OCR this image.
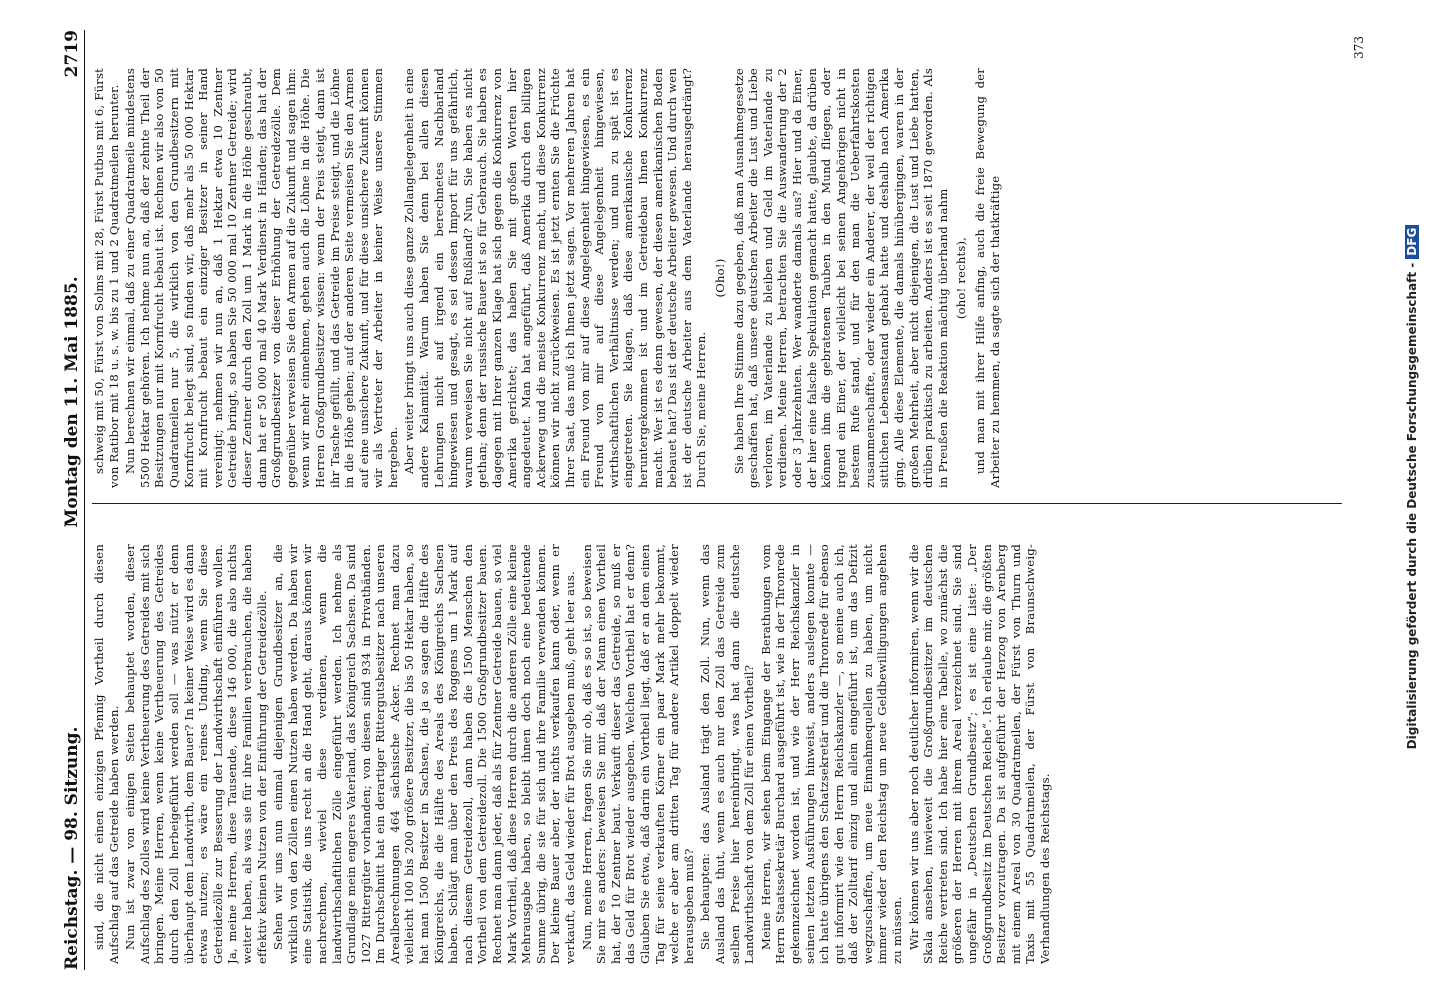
Reichstag. — 98. Sitzung.
Montag den 11. Mai 1885.
2719

sind, die nicht einen einzigen Pfennig Vortheil durch diesen Aufschlag auf das Getreide haben werden. Nun ist zwar von einigen Seiten behauptet worden, dieser Aufschlag des Zolles wird keine Vertheuerung des Getreides mit sich bringen. Meine Herren, wenn keine Vertheuerung des Getreides durch den Zoll herbeigeführt werden soll — was nützt er denn überhaupt dem Landwirth, dem Bauer? In keiner Weise wird es dann etwas nutzen; es wäre ein reines Unding, wenn Sie diese Getreidezölle zur Besserung der Landwirthschaft einführen wollen. Ja, meine Herren, diese Tausende, diese 146 000, die also nichts weiter haben, als was sie für ihre Familien verbrauchen, die haben effektiv keinen Nutzen von der Einführung der Getreidezölle. Sehen wir uns nun einmal diejenigen Grundbesitzer an, die wirklich von den Zöllen einen Nutzen haben werden. Da haben wir eine Statistik, die uns recht an die Hand geht, daraus können wir nachrechnen, wieviel diese verdienen, wenn die landwirthschaftlichen Zölle eingeführt werden. Ich nehme als Grundlage mein engeres Vaterland, das Königreich Sachsen. Da sind 1027 Rittergüter vorhanden; von diesen sind 934 in Privathänden. Im Durchschnitt hat ein derartiger Rittergutsbesitzer nach unseren Arealberechnungen 464 sächsische Acker. Rechnet man dazu vielleicht 100 bis 200 größere Besitzer, die bis 50 Hektar haben, so hat man 1500 Besitzer in Sachsen, die ja so sagen die Hälfte des Königreichs, die die Hälfte des Areals des Königreichs Sachsen haben. Schlägt man über den Preis des Roggens um 1 Mark auf nach diesem Getreidezoll, dann haben die 1500 Menschen den Vortheil von dem Getreidezoll. Die 1500 Großgrundbesitzer bauen. Rechnet man dann jeder, daß als für Zentner Getreide bauen, so viel Mark Vortheil, daß diese Herren durch die anderen Zölle eine kleine Mehrausgabe haben, so bleibt ihnen doch noch eine bedeutende Summe übrig, die sie für sich und ihre Familie verwenden können. Der kleine Bauer aber, der nichts verkaufen kann oder, wenn er verkauft, das Geld wieder für Brot ausgeben muß, geht leer aus. Nun, meine Herren, fragen Sie mir ob, daß es so ist, so beweisen Sie mir es anders: beweisen Sie mir, daß der Mann einen Vortheil hat, der 10 Zentner baut. Verkauft dieser das Getreide, so muß er das Geld für Brot wieder ausgeben. Welchen Vortheil hat er denn? Glauben Sie etwa, daß darin ein Vortheil liegt, daß er an dem einen Tag für seine verkauften Körner ein paar Mark mehr bekommt, welche er aber am dritten Tag für andere Artikel doppelt wieder herausgeben muß? Sie behaupten: das Ausland trägt den Zoll. Nun, wenn das Ausland das thut, wenn es auch nur den Zoll das Getreide zum selben Preise hier hereinbringt, was hat dann die deutsche Landwirthschaft von dem Zoll für einen Vortheil? Meine Herren, wir sehen beim Eingange der Berathungen vom Herrn Staatssekretär Burchard ausgeführt ist, wie in der Thronrede gekennzeichnet worden ist, und wie der Herr Reichskanzler in seinen letzten Ausführungen hinweist, anders auslegen konnte — ich hatte übrigens den Schatzsekretär und die Thronrede für ebenso gut informirt wie den Herrn Reichskanzler —, so meine auch ich, daß der Zolltarif einzig und allein eingeführt ist, um das Defizit wegzuschaffen, um neue Einnahmequellen zu haben, um nicht immer wieder den Reichstag um neue Geldbewilligungen angehen zu müssen. Wir können wir uns aber noch deutlicher informiren, wenn wir die Skala ansehen, inwieweit die Großgrundbesitzer im deutschen Reiche vertreten sind. Ich habe hier eine Tabelle, wo zunächst die größeren der Herren mit ihrem Areal verzeichnet sind. Sie sind ungefähr in „Deutschen Grundbesitz“; es ist eine Liste: „Der Großgrundbesitz im Deutschen Reiche“. Ich erlaube mir, die größten Besitzer vorzutragen. Da ist aufgeführt der Herzog von Arenberg mit einem Areal von 30 Quadratmeilen, der Fürst von Thurn und Taxis mit 55 Quadratmeilen, der Fürst von Braunschweig-Verhandlungen des Reichstags.

schweig mit 50, Fürst von Solms mit 28, Fürst Putbus mit 6, Fürst von Ratibor mit 18 u. s. w. bis zu 1 und 2 Quadratmeilen herunter. Nun berechnen wir einmal, daß zu einer Quadratmeile mindestens 5500 Hektar gehören. Ich nehme nun an, daß der zehnte Theil der Besitzungen nur mit Kornfrucht bebaut ist. Rechnen wir also von 50 Quadratmeilen nur 5, die wirklich von den Grundbesitzern mit Kornfrucht belegt sind, so finden wir, daß mehr als 50 000 Hektar mit Kornfrucht bebaut ein einziger Besitzer in seiner Hand vereinigt; nehmen wir nun an, daß 1 Hektar etwa 10 Zentner Getreide bringt, so haben Sie 50 000 mal 10 Zentner Getreide; wird dieser Zentner durch den Zoll um 1 Mark in die Höhe geschraubt, dann hat er 50 000 mal 40 Mark Verdienst in Händen; das hat der Großgrundbesitzer von dieser Erhöhung der Getreidezölle. Dem gegenüber verweisen Sie den Armen auf die Zukunft und sagen ihm: wenn wir mehr einnehmen, gehen auch die Löhne in die Höhe. Die Herren Großgrundbesitzer wissen: wenn der Preis steigt, dann ist ihr Tasche gefüllt, und das Getreide im Preise steigt, und die Löhne in die Höhe gehen; auf der anderen Seite vermeisen Sie den Armen auf eine unsichere Zukunft, und für diese unsichere Zukunft können wir als Vertreter der Arbeiter in keiner Weise unsere Stimmen hergeben. Aber weiter bringt uns auch diese ganze Zollangelegenheit in eine andere Kalamität. Warum haben Sie denn bei allen diesen Lehrungen nicht auf irgend ein berechnetes Nachbarland hingewiesen und gesagt, es sei dessen Import für uns gefährlich, warum verweisen Sie nicht auf Rußland? Nun, Sie haben es nicht gethan; denn der russische Bauer ist so für Gebrauch. Sie haben es dagegen mit Ihrer ganzen Klage hat sich gegen die Konkurrenz von Amerika gerichtet; das haben Sie mit großen Worten hier angedeutet. Man hat angeführt, daß Amerika durch den billigen Ackerweg und die meiste Konkurrenz macht, und diese Konkurrenz können wir nicht zurückweisen. Es ist jetzt ernten Sie die Früchte Ihrer Saat, das muß ich Ihnen jetzt sagen. Vor mehreren Jahren hat ein Freund von mir auf diese Angelegenheit hingewiesen, es ein Freund von mir auf diese Angelegenheit hingewiesen, wirthschaftlichen Verhältnisse werden; und nun zu spät ist es eingetreten. Sie klagen, daß diese amerikanische Konkurrenz heruntergekommen ist und im Getreidebau Ihnen Konkurrenz macht. Wer ist es denn gewesen, der diesen amerikanischen Boden bebauet hat? Das ist der deutsche Arbeiter gewesen. Und durch wen ist der deutsche Arbeiter aus dem Vaterlande herausgedrängt? Durch Sie, meine Herren.

(Oho!) Sie haben Ihre Stimme dazu gegeben, daß man Ausnahmegesetze geschaffen hat, daß unsere deutschen Arbeiter die Lust und Liebe verloren, im Vaterlande zu bleiben und Geld im Vaterlande zu verdienen. Meine Herren, betrachten Sie die Auswanderung der 2 oder 3 Jahrzehnten. Wer wanderte damals aus? Hier und da Einer, der hier eine falsche Spekulation gemacht hatte, glaubte, da drüben können ihm die gebratenen Tauben in den Mund fliegen, oder irgend ein Einer, der vielleicht bei seinen Angehörigen nicht in bestem Rufe stand, und für den man die Ueberfahrtskosten zusammenschaffte, oder wieder ein Anderer, der weil der richtigen sittlichen Lebensanstand gehabt hatte und deshalb nach Amerika ging. Alle diese Elemente, die damals hinübergingen, waren in der großen Mehrheit, aber nicht diejenigen, die Lust und Liebe hatten, drüben praktisch zu arbeiten. Anders ist es seit 1870 geworden. Als in Preußen die Reaktion mächtig überhand nahm (oho! rechts), und man mit ihrer Hilfe anfing, auch die freie Bewegung der Arbeiter zu hemmen, da sagte sich der thatkräftige

373
Digitalisierung gefördert durch die Deutsche Forschungsgemeinschaft -DFG
